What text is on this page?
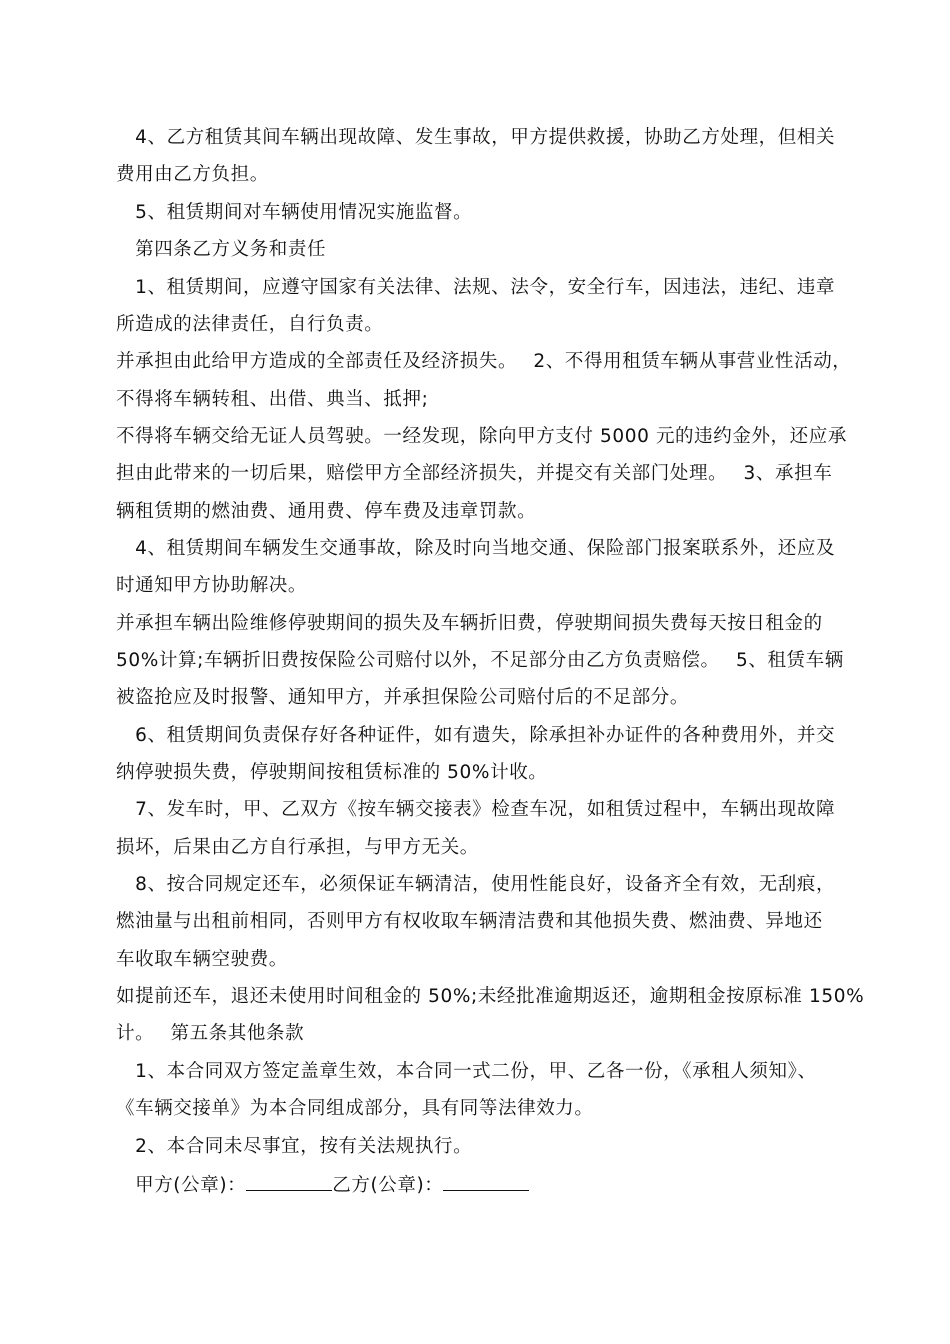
　4、乙方租赁其间车辆出现故障、发生事故，甲方提供救援，协助乙方处理，但相关
费用由乙方负担。
　5、租赁期间对车辆使用情况实施监督。
　第四条乙方义务和责任
　1、租赁期间，应遵守国家有关法律、法规、法令，安全行车，因违法，违纪、违章
所造成的法律责任，自行负责。
并承担由此给甲方造成的全部责任及经济损失。　 2、不得用租赁车辆从事营业性活动，
不得将车辆转租、出借、典当、抵押;
不得将车辆交给无证人员驾驶。一经发现，除向甲方支付 5000 元的违约金外，还应承
担由此带来的一切后果，赔偿甲方全部经济损失，并提交有关部门处理。　 3、承担车
辆租赁期的燃油费、通用费、停车费及违章罚款。
　4、租赁期间车辆发生交通事故，除及时向当地交通、保险部门报案联系外，还应及
时通知甲方协助解决。
并承担车辆出险维修停驶期间的损失及车辆折旧费，停驶期间损失费每天按日租金的
50%计算;车辆折旧费按保险公司赔付以外，不足部分由乙方负责赔偿。　 5、租赁车辆
被盗抢应及时报警、通知甲方，并承担保险公司赔付后的不足部分。
　6、租赁期间负责保存好各种证件，如有遗失，除承担补办证件的各种费用外，并交
纳停驶损失费，停驶期间按租赁标准的 50%计收。
　7、发车时，甲、乙双方《按车辆交接表》检查车况，如租赁过程中，车辆出现故障
损坏，后果由乙方自行承担，与甲方无关。
　8、按合同规定还车，必须保证车辆清洁，使用性能良好，设备齐全有效，无刮痕，
燃油量与出租前相同，否则甲方有权收取车辆清洁费和其他损失费、燃油费、异地还
车收取车辆空驶费。
如提前还车，退还未使用时间租金的 50%;未经批准逾期返还，逾期租金按原标准 150%
计。　 第五条其他条款
　1、本合同双方签定盖章生效，本合同一式二份，甲、乙各一份，《承租人须知》、
《车辆交接单》为本合同组成部分，具有同等法律效力。
　2、本合同未尽事宜，按有关法规执行。
　甲方(公章)：	乙方(公章)：
